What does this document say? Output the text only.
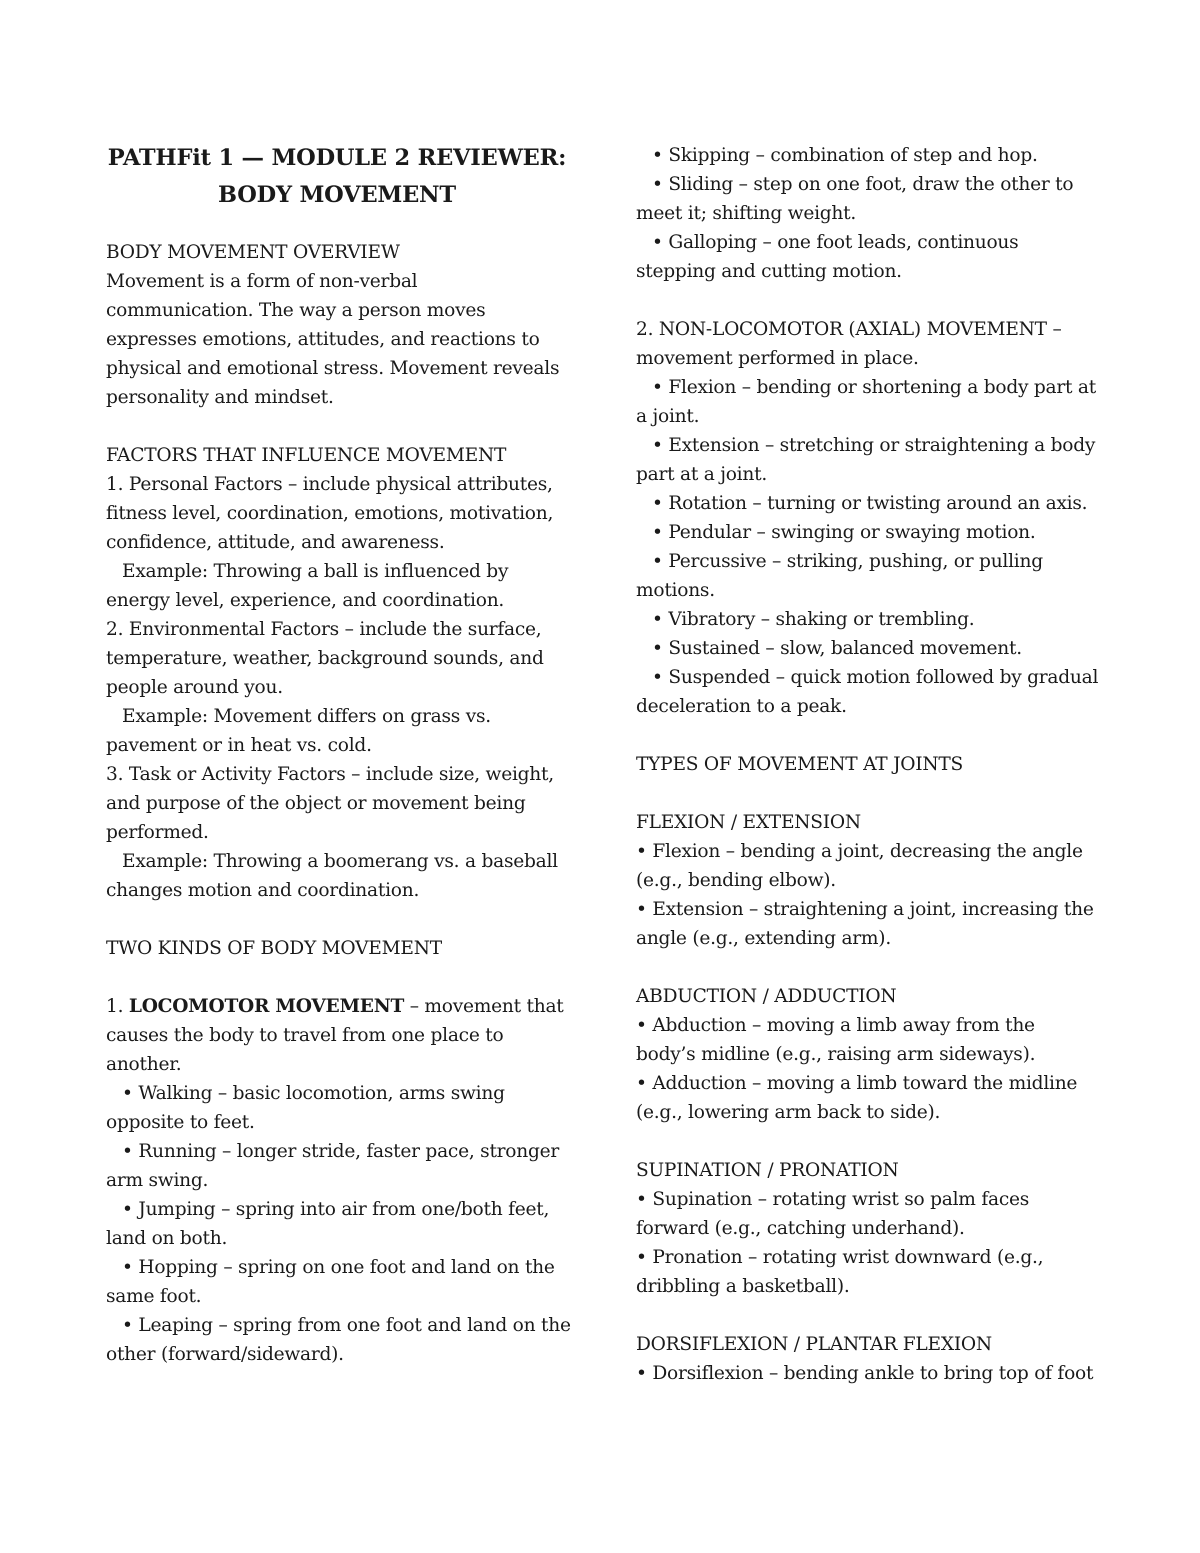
PATHFit 1 — MODULE 2 REVIEWER:
BODY MOVEMENT

BODY MOVEMENT OVERVIEW

Movement is a form of non-verbal

communication. The way a person moves

expresses emotions, attitudes, and reactions to

physical and emotional stress. Movement reveals

personality and mindset.

FACTORS THAT INFLUENCE MOVEMENT

1. Personal Factors – include physical attributes,

fitness level, coordination, emotions, motivation,

confidence, attitude, and awareness.

Example: Throwing a ball is influenced by

energy level, experience, and coordination.

2. Environmental Factors – include the surface,

temperature, weather, background sounds, and

people around you.

Example: Movement differs on grass vs.

pavement or in heat vs. cold.

3. Task or Activity Factors – include size, weight,

and purpose of the object or movement being

performed.

Example: Throwing a boomerang vs. a baseball

changes motion and coordination.

TWO KINDS OF BODY MOVEMENT

1. LOCOMOTOR MOVEMENT – movement that

causes the body to travel from one place to

another.

• Walking – basic locomotion, arms swing

opposite to feet.

• Running – longer stride, faster pace, stronger

arm swing.

• Jumping – spring into air from one/both feet,

land on both.

• Hopping – spring on one foot and land on the

same foot.

• Leaping – spring from one foot and land on the

other (forward/sideward).

• Skipping – combination of step and hop.

• Sliding – step on one foot, draw the other to

meet it; shifting weight.

• Galloping – one foot leads, continuous

stepping and cutting motion.

2. NON-LOCOMOTOR (AXIAL) MOVEMENT –

movement performed in place.

• Flexion – bending or shortening a body part at

a joint.

• Extension – stretching or straightening a body

part at a joint.

• Rotation – turning or twisting around an axis.

• Pendular – swinging or swaying motion.

• Percussive – striking, pushing, or pulling

motions.

• Vibratory – shaking or trembling.

• Sustained – slow, balanced movement.

• Suspended – quick motion followed by gradual

deceleration to a peak.

TYPES OF MOVEMENT AT JOINTS

FLEXION / EXTENSION

• Flexion – bending a joint, decreasing the angle

(e.g., bending elbow).

• Extension – straightening a joint, increasing the

angle (e.g., extending arm).

ABDUCTION / ADDUCTION

• Abduction – moving a limb away from the

body’s midline (e.g., raising arm sideways).

• Adduction – moving a limb toward the midline

(e.g., lowering arm back to side).

SUPINATION / PRONATION

• Supination – rotating wrist so palm faces

forward (e.g., catching underhand).

• Pronation – rotating wrist downward (e.g.,

dribbling a basketball).

DORSIFLEXION / PLANTAR FLEXION

• Dorsiflexion – bending ankle to bring top of foot
